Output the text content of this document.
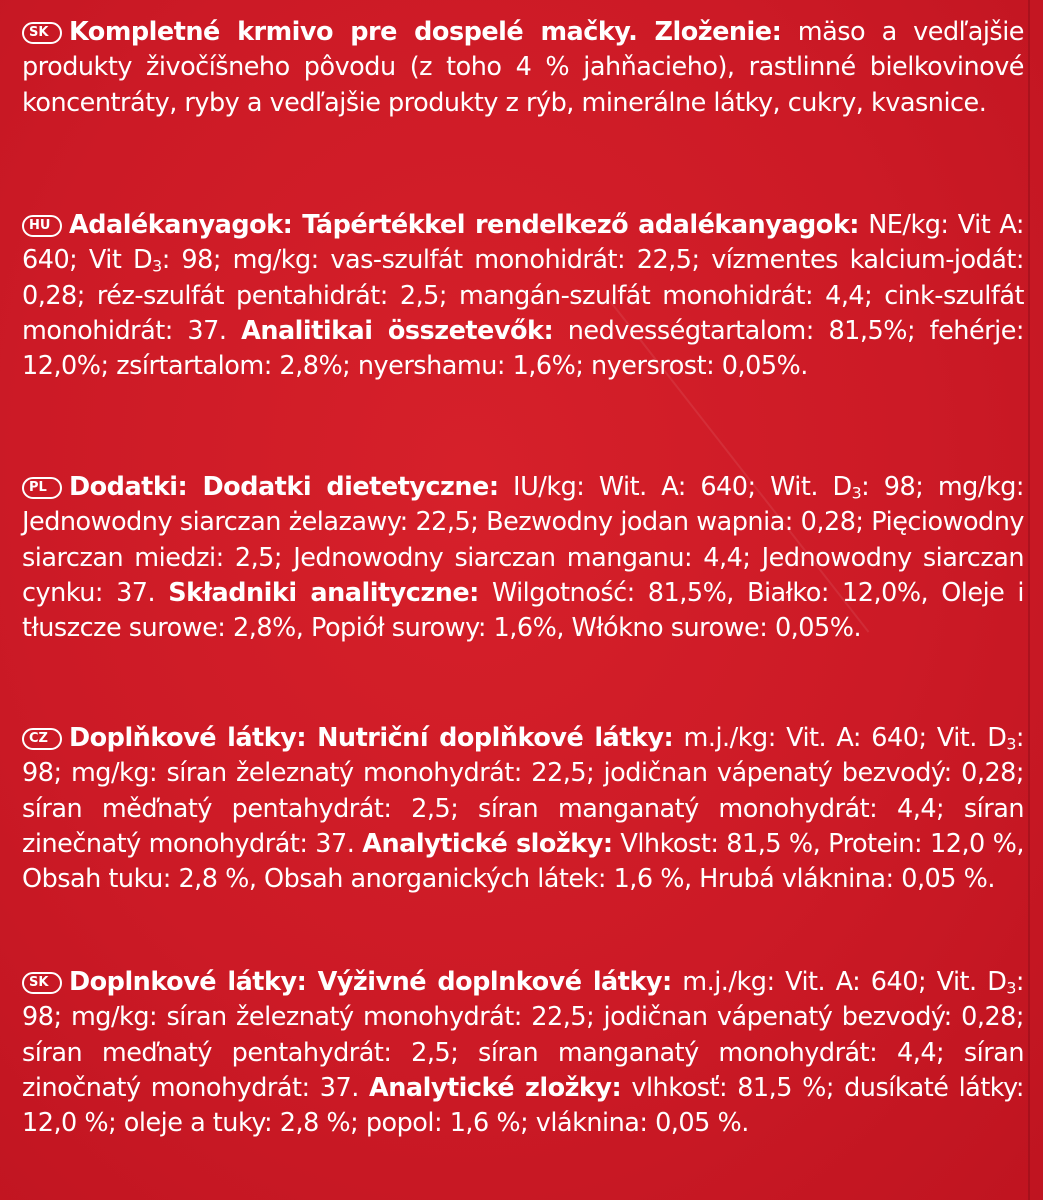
SK Kompletné krmivo pre dospelé mačky. Zloženie: mäso a vedľajšie produkty živočíšneho pôvodu (z toho 4 % jahňacieho), rastlinné bielkovinové koncentráty, ryby a vedľajšie produkty z rýb, minerálne látky, cukry, kvasnice.

HU Adalékanyagok: Tápértékkel rendelkező adalékanyagok: NE/kg: Vit A: 640; Vit $D_3$: 98; mg/kg: vas-szulfát monohidrát: 22,5; vízmentes kalcium-jodát: 0,28; réz-szulfát pentahidrát: 2,5; mangán-szulfát monohidrát: 4,4; cink-szulfát monohidrát: 37. Analitikai összetevők: nedvességtartalom: 81,5%; fehérje: 12,0%; zsírtartalom: 2,8%; nyershamu: 1,6%; nyersrost: 0,05%.

PL Dodatki: Dodatki dietetyczne: IU/kg: Wit. A: 640; Wit. $D_3$: 98; mg/kg: Jednowodny siarczan żelazawy: 22,5; Bezwodny jodan wapnia: 0,28; Pięciowodny siarczan miedzi: 2,5; Jednowodny siarczan manganu: 4,4; Jednowodny siarczan cynku: 37. Składniki analityczne: Wilgotność: 81,5%, Białko: 12,0%, Oleje i tłuszcze surowe: 2,8%, Popiół surowy: 1,6%, Włókno surowe: 0,05%.

CZ Doplňkové látky: Nutriční doplňkové látky: m.j./kg: Vit. A: 640; Vit. $D_3$: 98; mg/kg: síran železnatý monohydrát: 22,5; jodičnan vápenatý bezvodý: 0,28; síran měďnatý pentahydrát: 2,5; síran manganatý monohydrát: 4,4; síran zinečnatý monohydrát: 37. Analytické složky: Vlhkost: 81,5 %, Protein: 12,0 %, Obsah tuku: 2,8 %, Obsah anorganických látek: 1,6 %, Hrubá vláknina: 0,05 %.

SK Doplnkové látky: Výživné doplnkové látky: m.j./kg: Vit. A: 640; Vit. $D_3$: 98; mg/kg: síran železnatý monohydrát: 22,5; jodičnan vápenatý bezvodý: 0,28; síran meďnatý pentahydrát: 2,5; síran manganatý monohydrát: 4,4; síran zinočnatý monohydrát: 37. Analytické zložky: vlhkosť: 81,5 %; dusíkaté látky: 12,0 %; oleje a tuky: 2,8 %; popol: 1,6 %; vláknina: 0,05 %.
